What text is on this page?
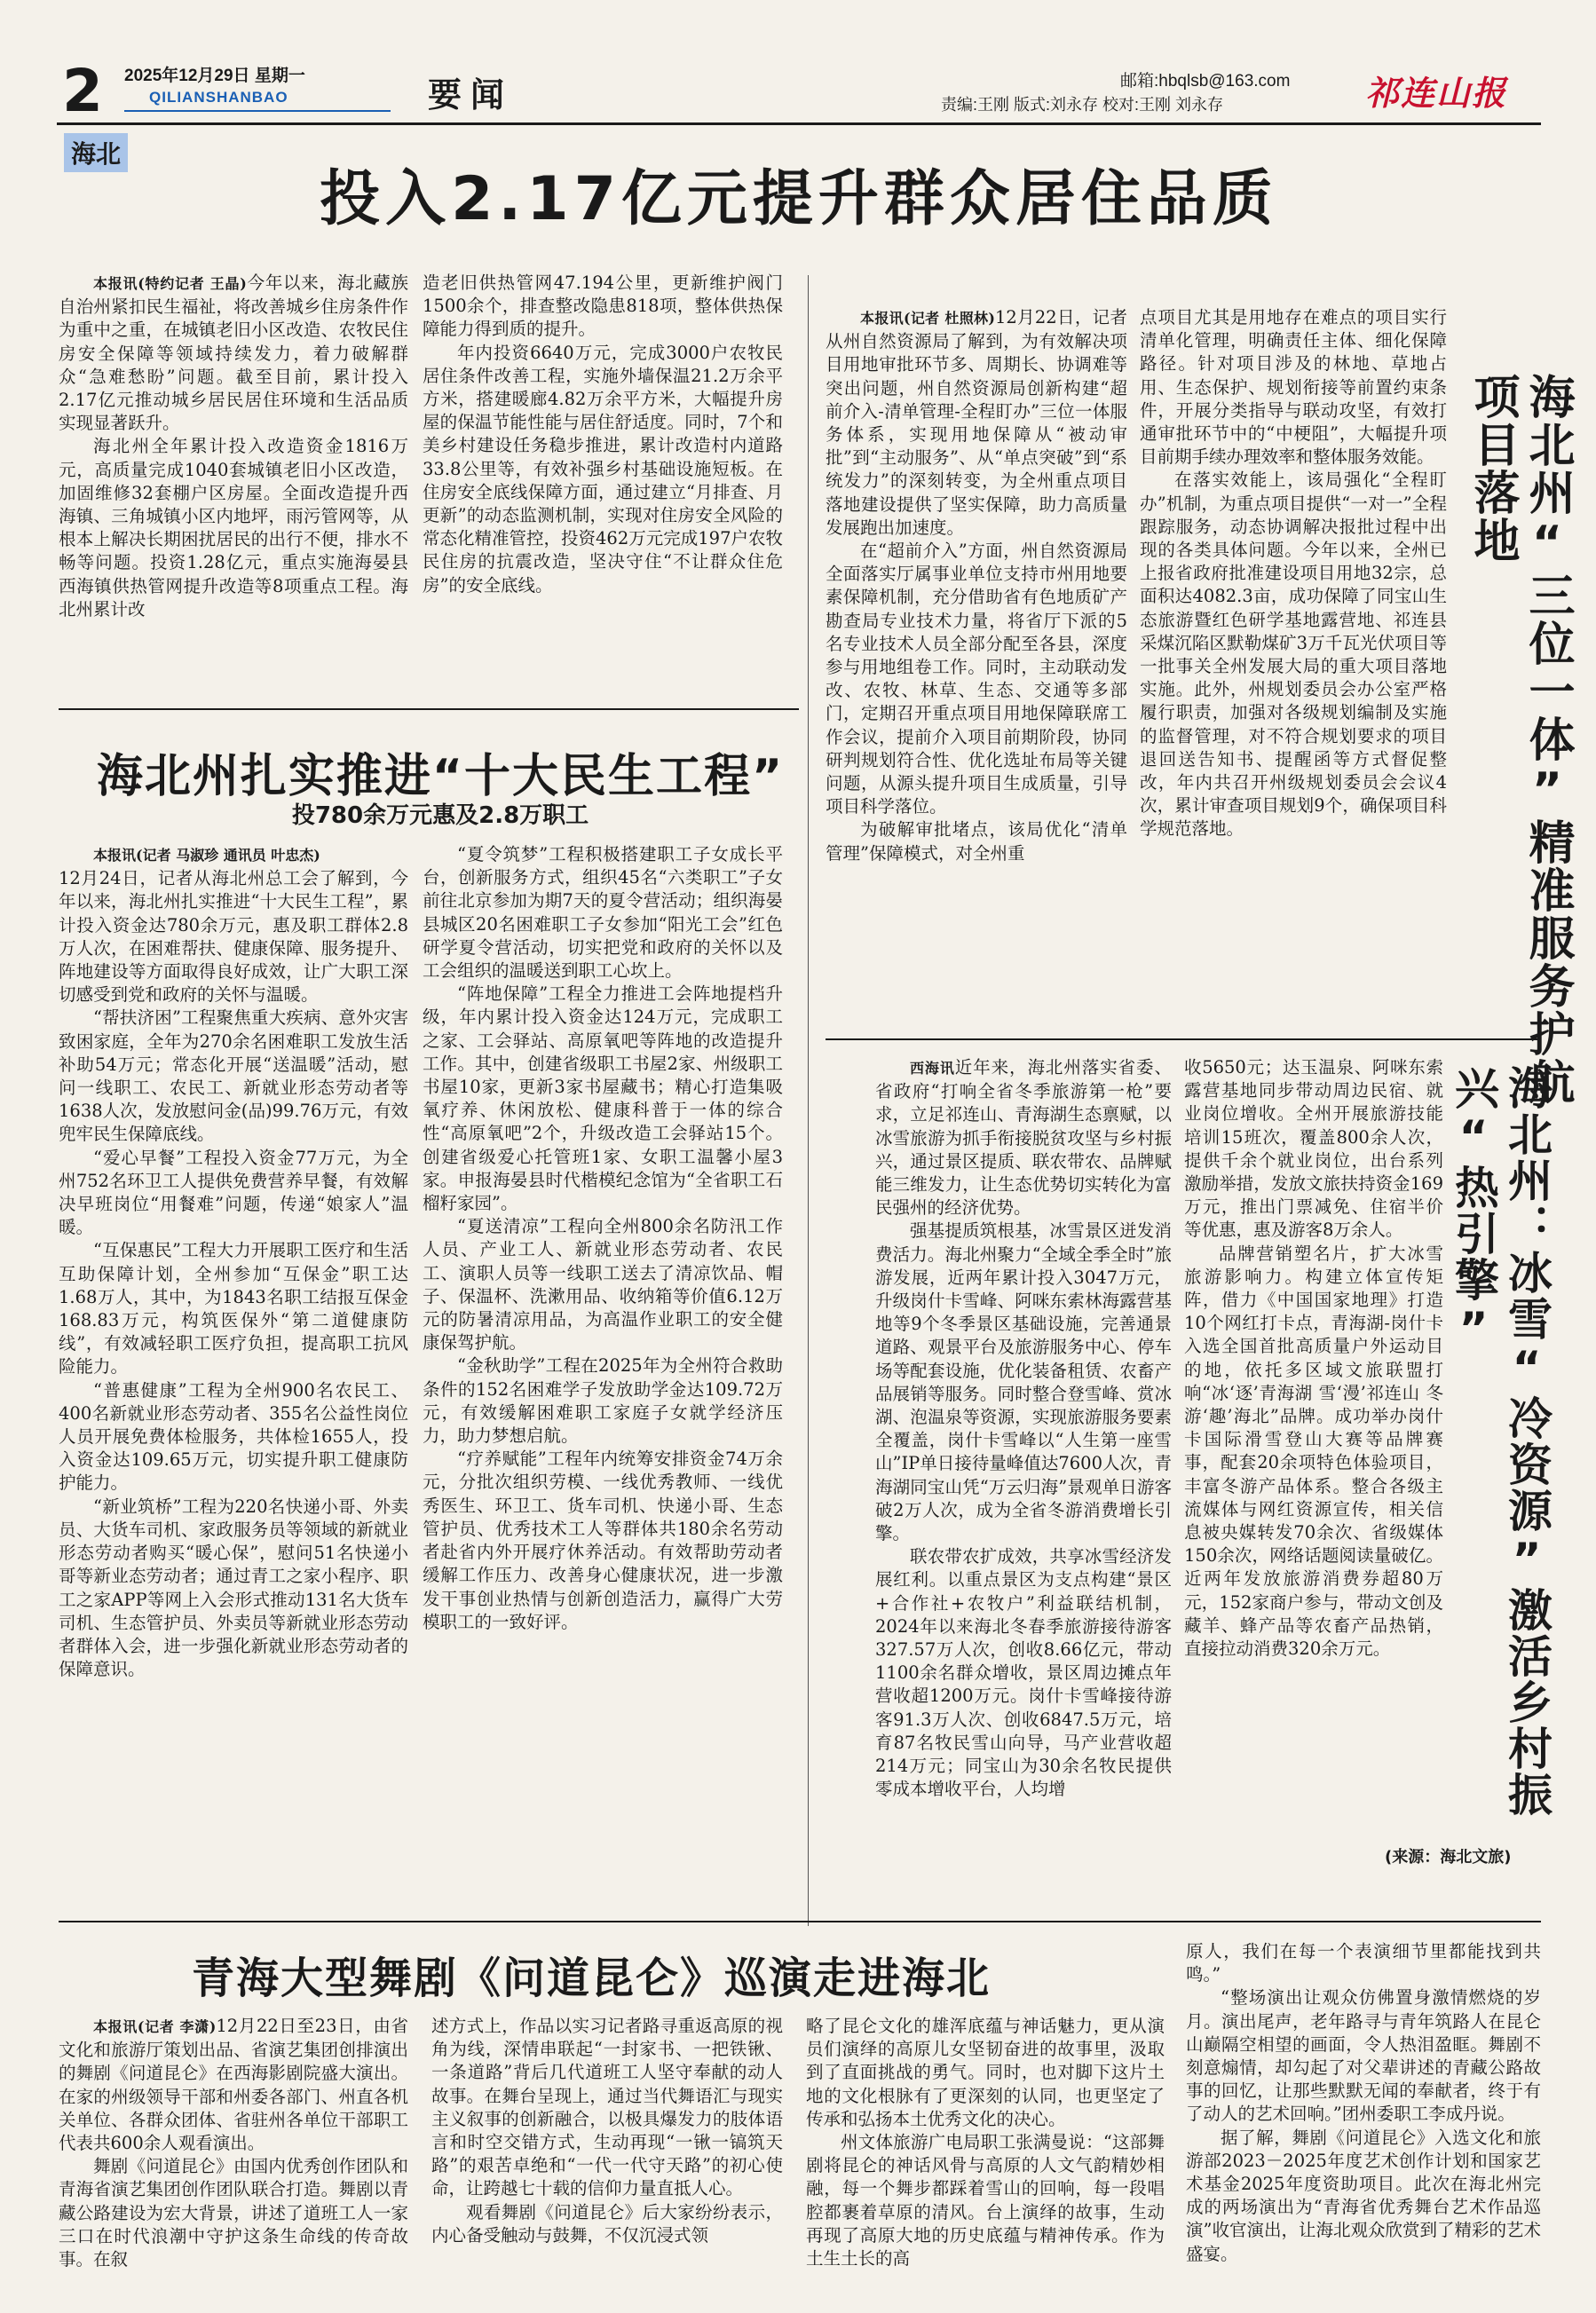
2	2025年12月29日 星期一
QILIANSHANBAO	要闻	邮箱:hbqlsb@163.com
责编:王刚 版式:刘永存 校对:王刚 刘永存	祁连山报
海北
投入2.17亿元提升群众居住品质

本报讯(特约记者 王晶)今年以来，海北藏族自治州紧扣民生福祉，将改善城乡住房条件作为重中之重，在城镇老旧小区改造、农牧民住房安全保障等领域持续发力，着力破解群众“急难愁盼”问题。截至目前，累计投入2.17亿元推动城乡居民居住环境和生活品质实现显著跃升。

海北州全年累计投入改造资金1816万元，高质量完成1040套城镇老旧小区改造，加固维修32套棚户区房屋。全面改造提升西海镇、三角城镇小区内地坪，雨污管网等，从根本上解决长期困扰居民的出行不便，排水不畅等问题。投资1.28亿元，重点实施海晏县西海镇供热管网提升改造等8项重点工程。海北州累计改

造老旧供热管网47.194公里，更新维护阀门1500余个，排查整改隐患818项，整体供热保障能力得到质的提升。

年内投资6640万元，完成3000户农牧民居住条件改善工程，实施外墙保温21.2万余平方米，搭建暖廊4.82万余平方米，大幅提升房屋的保温节能性能与居住舒适度。同时，7个和美乡村建设任务稳步推进，累计改造村内道路33.8公里等，有效补强乡村基础设施短板。在住房安全底线保障方面，通过建立“月排查、月更新”的动态监测机制，实现对住房安全风险的常态化精准管控，投资462万元完成197户农牧民住房的抗震改造，坚决守住“不让群众住危房”的安全底线。

海北州扎实推进“十大民生工程”
投780余万元惠及2.8万职工

本报讯(记者 马淑珍 通讯员 叶忠杰)

12月24日，记者从海北州总工会了解到，今年以来，海北州扎实推进“十大民生工程”，累计投入资金达780余万元，惠及职工群体2.8万人次，在困难帮扶、健康保障、服务提升、阵地建设等方面取得良好成效，让广大职工深切感受到党和政府的关怀与温暖。

“帮扶济困”工程聚焦重大疾病、意外灾害致困家庭，全年为270余名困难职工发放生活补助54万元；常态化开展“送温暖”活动，慰问一线职工、农民工、新就业形态劳动者等1638人次，发放慰问金(品)99.76万元，有效兜牢民生保障底线。

“爱心早餐”工程投入资金77万元，为全州752名环卫工人提供免费营养早餐，有效解决早班岗位“用餐难”问题，传递“娘家人”温暖。

“互保惠民”工程大力开展职工医疗和生活互助保障计划，全州参加“互保金”职工达1.68万人，其中，为1843名职工结报互保金168.83万元，构筑医保外“第二道健康防线”，有效减轻职工医疗负担，提高职工抗风险能力。

“普惠健康”工程为全州900名农民工、400名新就业形态劳动者、355名公益性岗位人员开展免费体检服务，共体检1655人，投入资金达109.65万元，切实提升职工健康防护能力。

“新业筑桥”工程为220名快递小哥、外卖员、大货车司机、家政服务员等领域的新就业形态劳动者购买“暖心保”，慰问51名快递小哥等新业态劳动者；通过青工之家小程序、职工之家APP等网上入会形式推动131名大货车司机、生态管护员、外卖员等新就业形态劳动者群体入会，进一步强化新就业形态劳动者的保障意识。

“夏令筑梦”工程积极搭建职工子女成长平台，创新服务方式，组织45名“六类职工”子女前往北京参加为期7天的夏令营活动；组织海晏县城区20名困难职工子女参加“阳光工会”红色研学夏令营活动，切实把党和政府的关怀以及工会组织的温暖送到职工心坎上。

“阵地保障”工程全力推进工会阵地提档升级，年内累计投入资金达124万元，完成职工之家、工会驿站、高原氧吧等阵地的改造提升工作。其中，创建省级职工书屋2家、州级职工书屋10家，更新3家书屋藏书；精心打造集吸氧疗养、休闲放松、健康科普于一体的综合性“高原氧吧”2个，升级改造工会驿站15个。创建省级爱心托管班1家、女职工温馨小屋3家。申报海晏县时代楷模纪念馆为“全省职工石榴籽家园”。

“夏送清凉”工程向全州800余名防汛工作人员、产业工人、新就业形态劳动者、农民工、演职人员等一线职工送去了清凉饮品、帽子、保温杯、洗漱用品、收纳箱等价值6.12万元的防暑清凉用品，为高温作业职工的安全健康保驾护航。

“金秋助学”工程在2025年为全州符合救助条件的152名困难学子发放助学金达109.72万元，有效缓解困难职工家庭子女就学经济压力，助力梦想启航。

“疗养赋能”工程年内统筹安排资金74万余元，分批次组织劳模、一线优秀教师、一线优秀医生、环卫工、货车司机、快递小哥、生态管护员、优秀技术工人等群体共180余名劳动者赴省内外开展疗休养活动。有效帮助劳动者缓解工作压力、改善身心健康状况，进一步激发干事创业热情与创新创造活力，赢得广大劳模职工的一致好评。

海北州“三位一体”精准服务护航项目落地

本报讯(记者 杜照林)12月22日，记者从州自然资源局了解到，为有效解决项目用地审批环节多、周期长、协调难等突出问题，州自然资源局创新构建“超前介入-清单管理-全程盯办”三位一体服务体系，实现用地保障从“被动审批”到“主动服务”、从“单点突破”到“系统发力”的深刻转变，为全州重点项目落地建设提供了坚实保障，助力高质量发展跑出加速度。

在“超前介入”方面，州自然资源局全面落实厅属事业单位支持市州用地要素保障机制，充分借助省有色地质矿产勘查局专业技术力量，将省厅下派的5名专业技术人员全部分配至各县，深度参与用地组卷工作。同时，主动联动发改、农牧、林草、生态、交通等多部门，定期召开重点项目用地保障联席工作会议，提前介入项目前期阶段，协同研判规划符合性、优化选址布局等关键问题，从源头提升项目生成质量，引导项目科学落位。

为破解审批堵点，该局优化“清单管理”保障模式，对全州重

点项目尤其是用地存在难点的项目实行清单化管理，明确责任主体、细化保障路径。针对项目涉及的林地、草地占用、生态保护、规划衔接等前置约束条件，开展分类指导与联动攻坚，有效打通审批环节中的“中梗阻”，大幅提升项目前期手续办理效率和整体服务效能。

在落实效能上，该局强化“全程盯办”机制，为重点项目提供“一对一”全程跟踪服务，动态协调解决报批过程中出现的各类具体问题。今年以来，全州已上报省政府批准建设项目用地32宗，总面积达4082.3亩，成功保障了同宝山生态旅游暨红色研学基地露营地、祁连县采煤沉陷区默勒煤矿3万千瓦光伏项目等一批事关全州发展大局的重大项目落地实施。此外，州规划委员会办公室严格履行职责，加强对各级规划编制及实施的监督管理，对不符合规划要求的项目退回送告知书、提醒函等方式督促整改，年内共召开州级规划委员会会议4次，累计审查项目规划9个，确保项目科学规范落地。

海北州：冰雪“冷资源”激活乡村振兴“热引擎”

西海讯近年来，海北州落实省委、省政府“打响全省冬季旅游第一枪”要求，立足祁连山、青海湖生态禀赋，以冰雪旅游为抓手衔接脱贫攻坚与乡村振兴，通过景区提质、联农带农、品牌赋能三维发力，让生态优势切实转化为富民强州的经济优势。

强基提质筑根基，冰雪景区迸发消费活力。海北州聚力“全域全季全时”旅游发展，近两年累计投入3047万元，升级岗什卡雪峰、阿咪东索林海露营基地等9个冬季景区基础设施，完善通景道路、观景平台及旅游服务中心、停车场等配套设施，优化装备租赁、农畜产品展销等服务。同时整合登雪峰、赏冰湖、泡温泉等资源，实现旅游服务要素全覆盖，岗什卡雪峰以“人生第一座雪山”IP单日接待量峰值达7600人次，青海湖同宝山凭“万云归海”景观单日游客破2万人次，成为全省冬游消费增长引擎。

联农带农扩成效，共享冰雪经济发展红利。以重点景区为支点构建“景区+合作社+农牧户”利益联结机制，2024年以来海北冬春季旅游接待游客327.57万人次，创收8.66亿元，带动1100余名群众增收，景区周边摊点年营收超1200万元。岗什卡雪峰接待游客91.3万人次、创收6847.5万元，培育87名牧民雪山向导，马产业营收超214万元；同宝山为30余名牧民提供零成本增收平台，人均增

收5650元；达玉温泉、阿咪东索露营基地同步带动周边民宿、就业岗位增收。全州开展旅游技能培训15班次，覆盖800余人次，提供千余个就业岗位，出台系列激励举措，发放文旅扶持资金169万元，推出门票减免、住宿半价等优惠，惠及游客8万余人。

品牌营销塑名片，扩大冰雪旅游影响力。构建立体宣传矩阵，借力《中国国家地理》打造10个网红打卡点，青海湖-岗什卡入选全国首批高质量户外运动目的地，依托多区域文旅联盟打响“冰‘逐’青海湖 雪‘漫’祁连山 冬游‘趣’海北”品牌。成功举办岗什卡国际滑雪登山大赛等品牌赛事，配套20余项特色体验项目，丰富冬游产品体系。整合各级主流媒体与网红资源宣传，相关信息被央媒转发70余次、省级媒体150余次，网络话题阅读量破亿。近两年发放旅游消费券超80万元，152家商户参与，带动文创及藏羊、蜂产品等农畜产品热销，直接拉动消费320余万元。

(来源：海北文旅)
青海大型舞剧《问道昆仑》巡演走进海北

本报讯(记者 李潇)12月22日至23日，由省文化和旅游厅策划出品、省演艺集团创排演出的舞剧《问道昆仑》在西海影剧院盛大演出。在家的州级领导干部和州委各部门、州直各机关单位、各群众团体、省驻州各单位干部职工代表共600余人观看演出。

舞剧《问道昆仑》由国内优秀创作团队和青海省演艺集团创作团队联合打造。舞剧以青藏公路建设为宏大背景，讲述了道班工人一家三口在时代浪潮中守护这条生命线的传奇故事。在叙

述方式上，作品以实习记者路寻重返高原的视角为线，深情串联起“一封家书、一把铁锹、一条道路”背后几代道班工人坚守奉献的动人故事。在舞台呈现上，通过当代舞语汇与现实主义叙事的创新融合，以极具爆发力的肢体语言和时空交错方式，生动再现“一锹一镐筑天路”的艰苦卓绝和“一代一代守天路”的初心使命，让跨越七十载的信仰力量直抵人心。

观看舞剧《问道昆仑》后大家纷纷表示，内心备受触动与鼓舞，不仅沉浸式领

略了昆仑文化的雄浑底蕴与神话魅力，更从演员们演绎的高原儿女坚韧奋进的故事里，汲取到了直面挑战的勇气。同时，也对脚下这片土地的文化根脉有了更深刻的认同，也更坚定了传承和弘扬本土优秀文化的决心。

州文体旅游广电局职工张满曼说：“这部舞剧将昆仑的神话风骨与高原的人文气韵精妙相融，每一个舞步都踩着雪山的回响，每一段唱腔都裹着草原的清风。台上演绎的故事，生动再现了高原大地的历史底蕴与精神传承。作为土生土长的高

原人，我们在每一个表演细节里都能找到共鸣。”

“整场演出让观众仿佛置身激情燃烧的岁月。演出尾声，老年路寻与青年筑路人在昆仑山巅隔空相望的画面，令人热泪盈眶。舞剧不刻意煽情，却勾起了对父辈讲述的青藏公路故事的回忆，让那些默默无闻的奉献者，终于有了动人的艺术回响。”团州委职工李成丹说。

据了解，舞剧《问道昆仑》入选文化和旅游部2023－2025年度艺术创作计划和国家艺术基金2025年度资助项目。此次在海北州完成的两场演出为“青海省优秀舞台艺术作品巡演”收官演出，让海北观众欣赏到了精彩的艺术盛宴。
